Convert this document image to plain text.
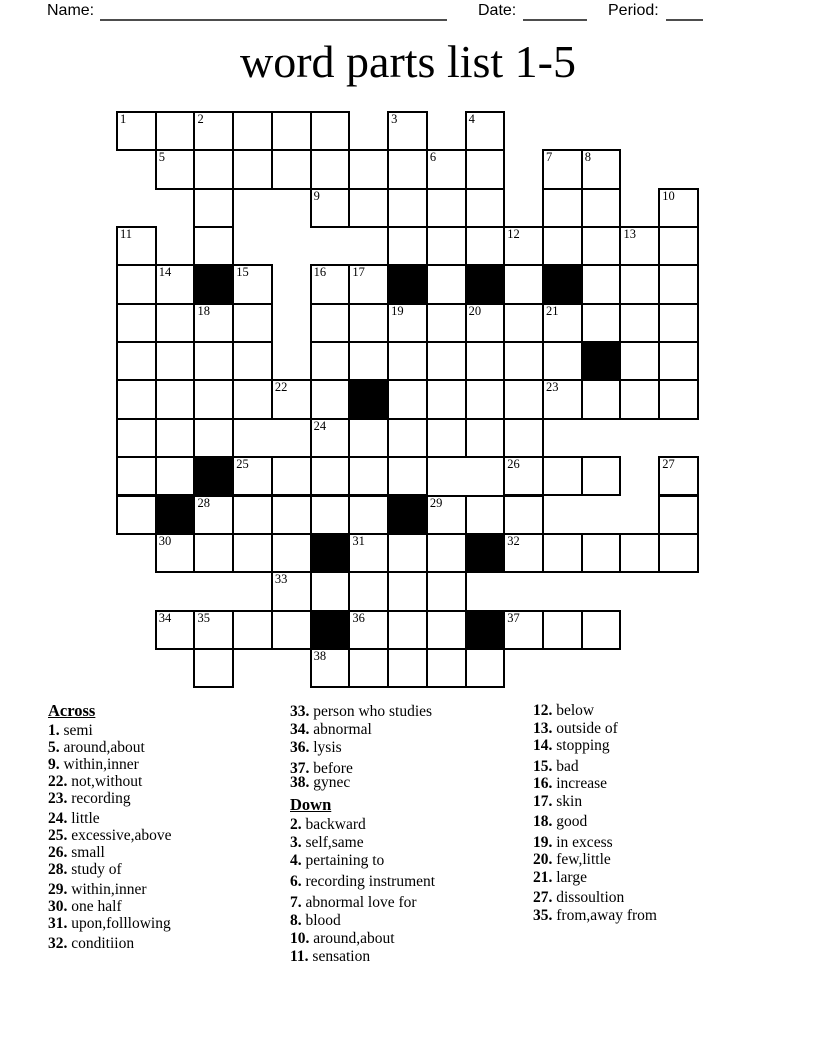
Name:	Date:	Period:
word parts list 1-5
1	2	3	4
5	6	7	8
9	10
11	12	13
14	15	16 17
18	19	20	21
22	23
24
25	26	27
28	29
30	31	32
33
34 35	36	37
38
Across
1. semi
5. around,about
9. within,inner
22. not,without
23. recording
24. little
25. excessive,above
26. small
28. study of
29. within,inner
30. one half
31. upon,folllowing
32. conditiion
33. person who studies
34. abnormal
36. lysis
37. before
38. gynec
Down
2. backward
3. self,same
4. pertaining to
6. recording instrument
7. abnormal love for
8. blood
10. around,about
11. sensation
12. below
13. outside of
14. stopping
15. bad
16. increase
17. skin
18. good
19. in excess
20. few,little
21. large
27. dissoultion
35. from,away from
